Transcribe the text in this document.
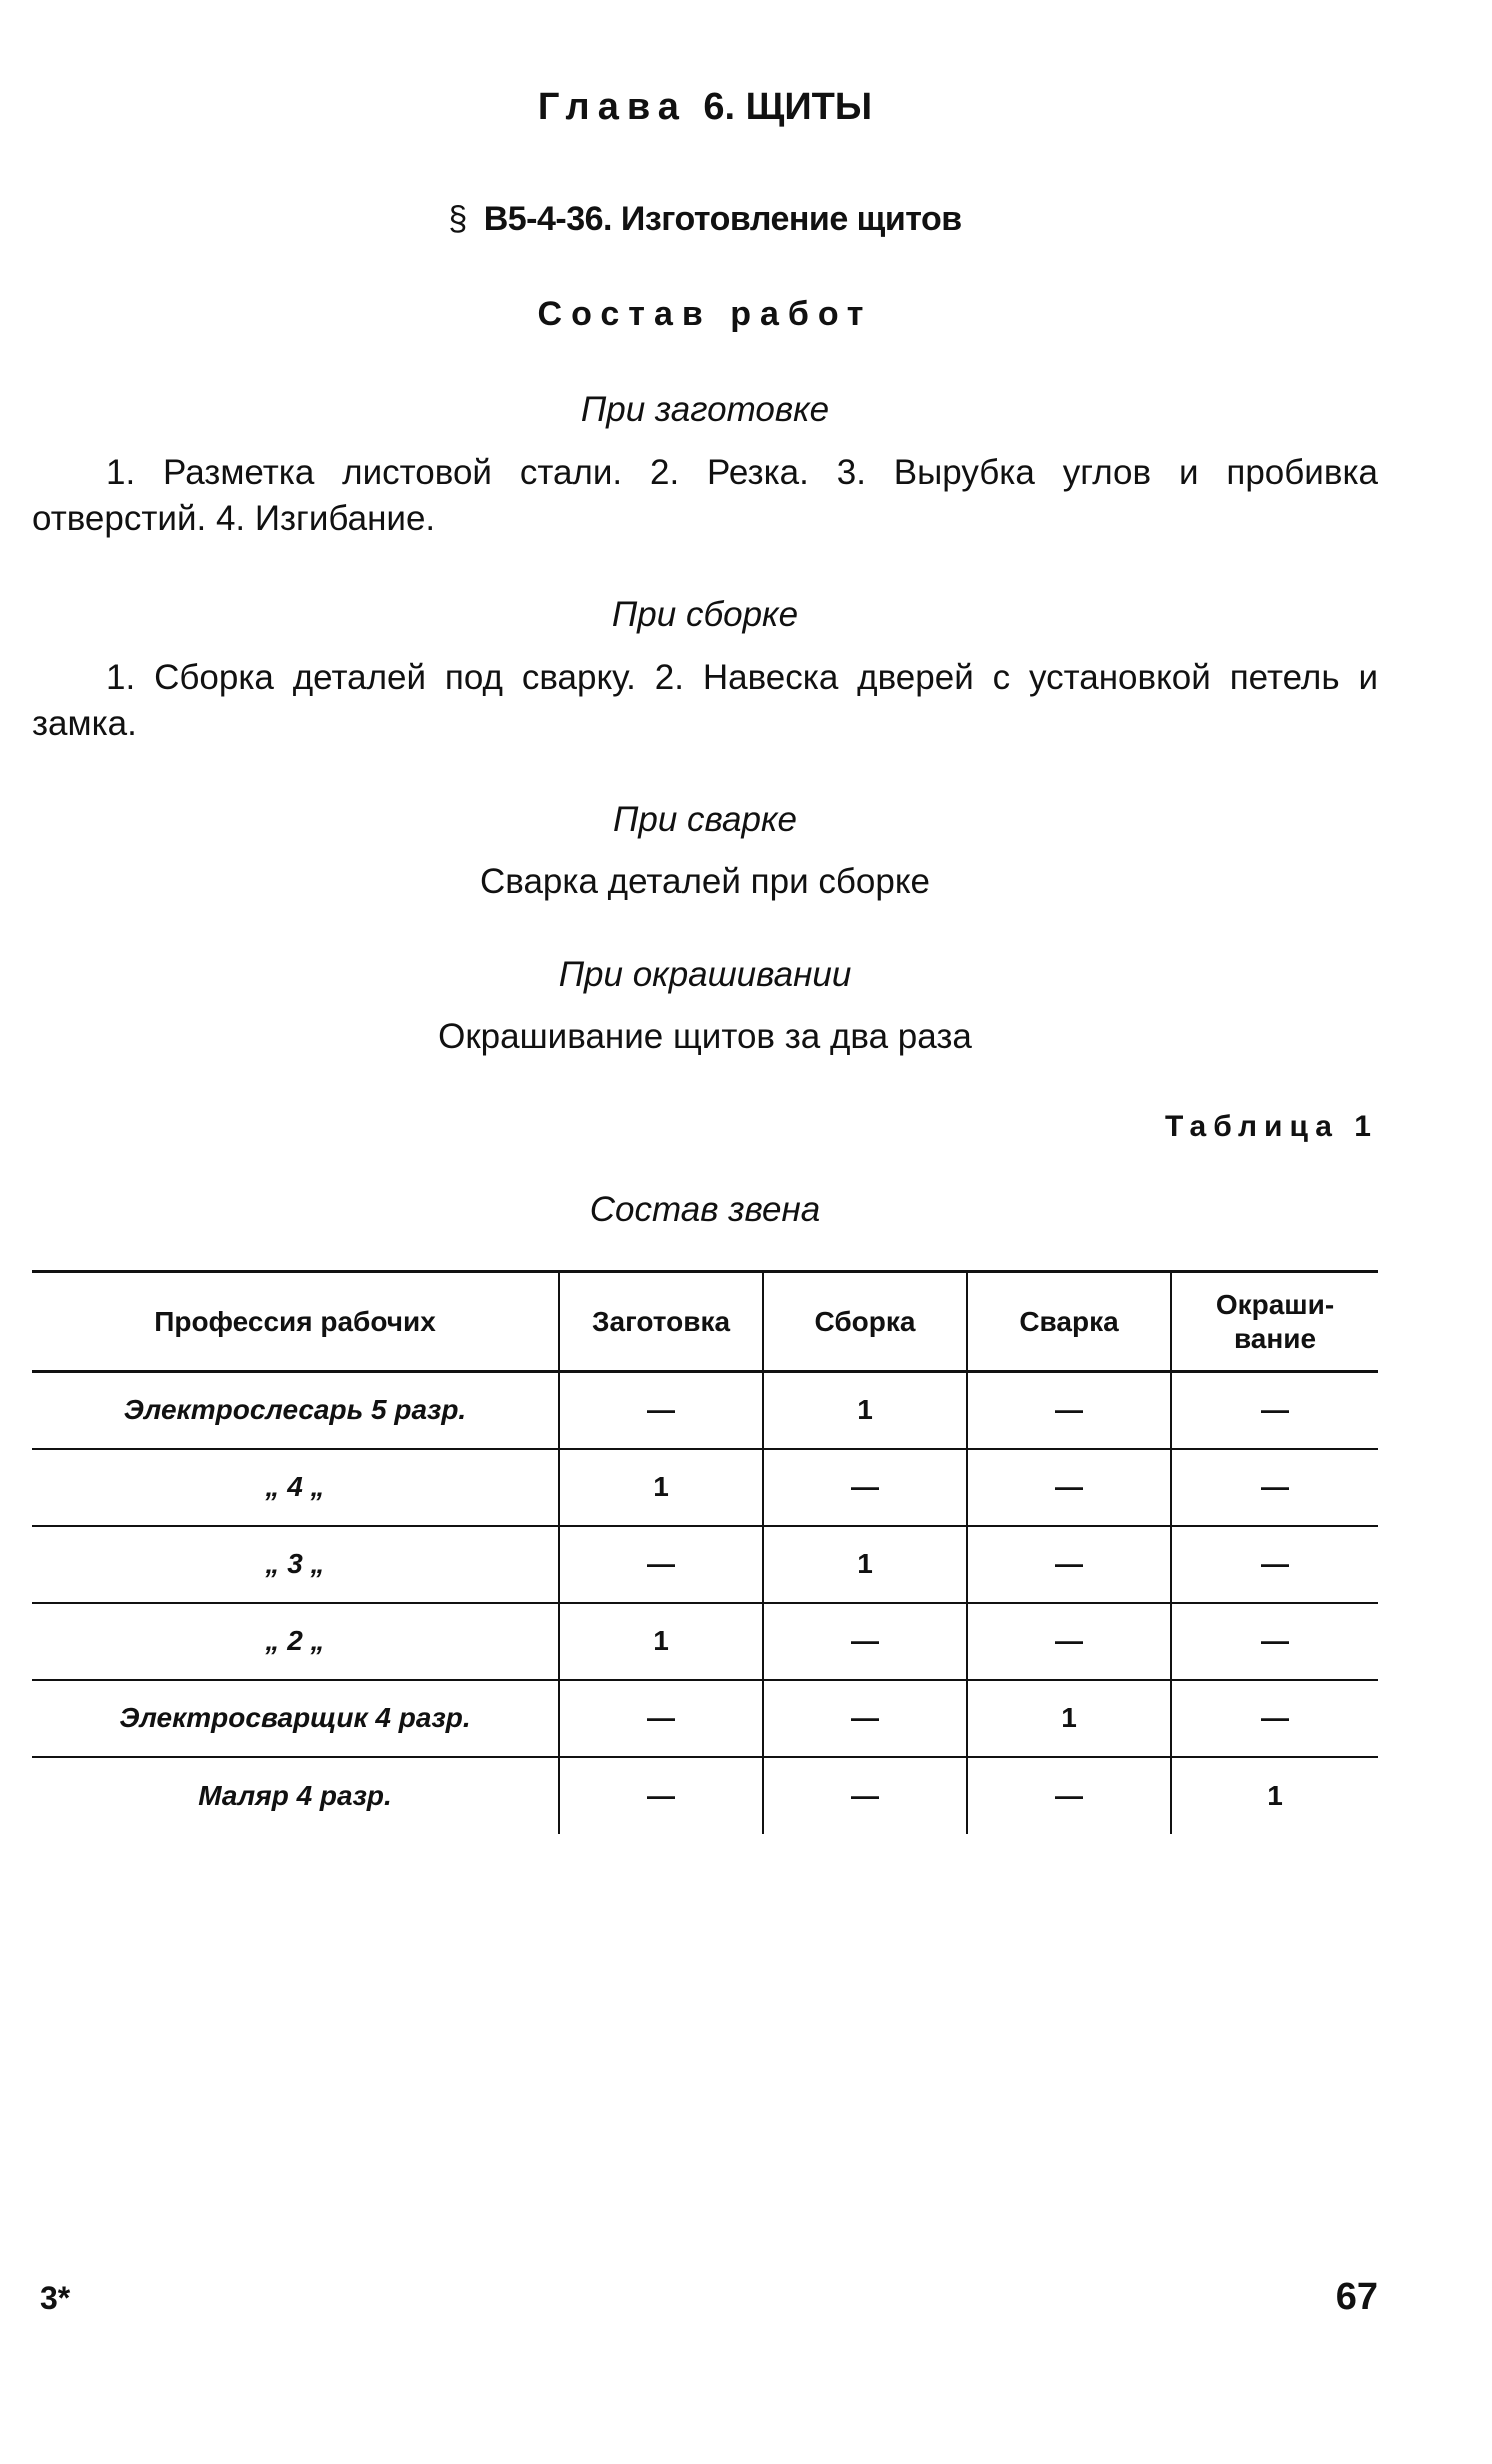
Глава 6. ЩИТЫ
§ В5-4-36. Изготовление щитов
Состав работ
При заготовке

1. Разметка листовой стали. 2. Резка. 3. Вырубка углов и пробивка отверстий. 4. Изгибание.

При сборке

1. Сборка деталей под сварку. 2. Навеска дверей с установкой петель и замка.

При сварке
Сварка деталей при сборке
При окрашивании
Окрашивание щитов за два раза
Таблица 1
Состав звена
Профессия рабочих	Заготовка	Сборка	Сварка	Окраши-
вание
Электрослесарь 5 разр.	—	1	—	—
„ 4 „	1	—	—	—
„ 3 „	—	1	—	—
„ 2 „	1	—	—	—
Электросварщик 4 разр.	—	—	1	—
Маляр 4 разр.	—	—	—	1
3*	67
